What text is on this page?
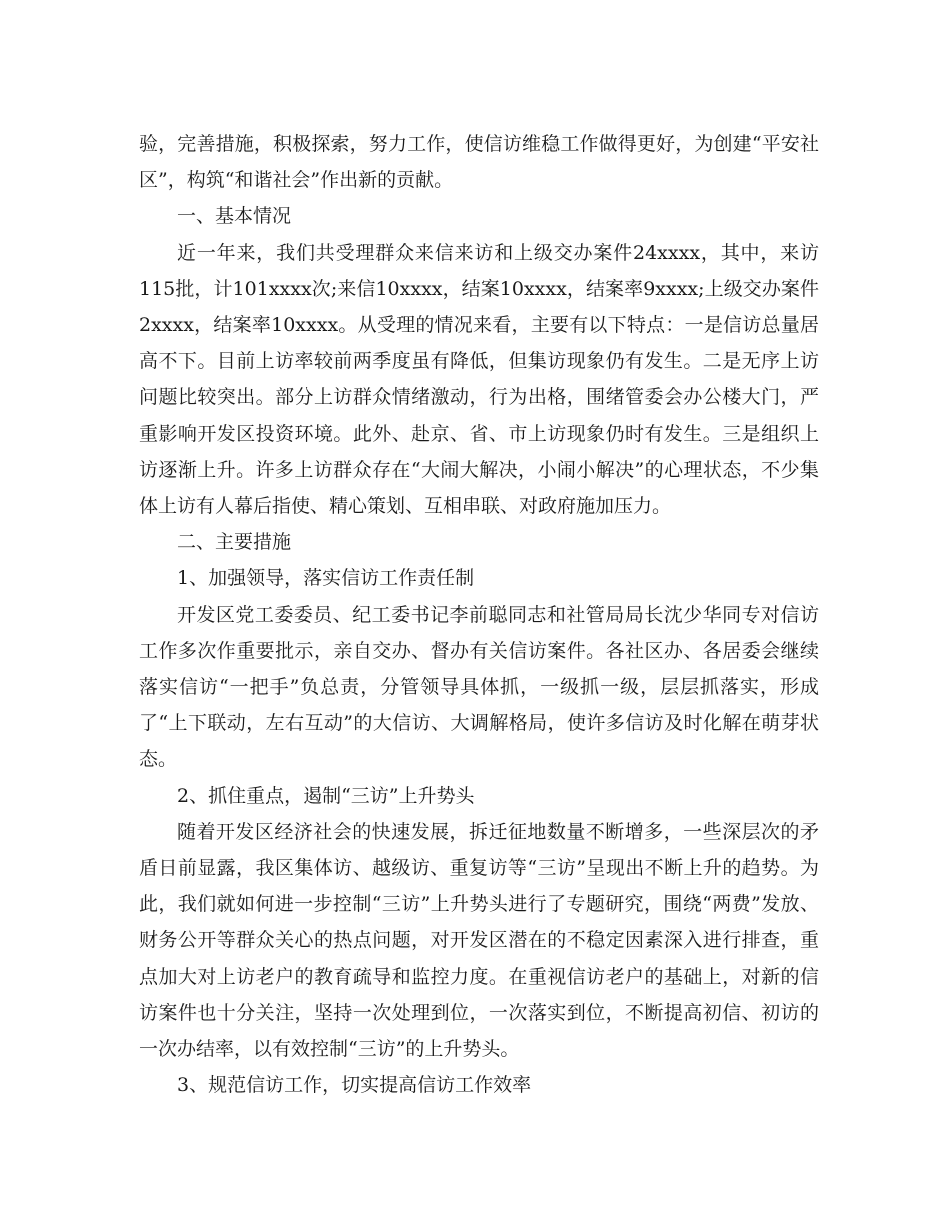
验，完善措施，积极探索，努力工作，使信访维稳工作做得更好，为创建“平安社区”，构筑“和谐社会”作出新的贡献。

一、基本情况

近一年来，我们共受理群众来信来访和上级交办案件24xxxx，其中，来访115批，计101xxxx次;来信10xxxx，结案10xxxx，结案率9xxxx;上级交办案件2xxxx，结案率10xxxx。从受理的情况来看，主要有以下特点：一是信访总量居高不下。目前上访率较前两季度虽有降低，但集访现象仍有发生。二是无序上访问题比较突出。部分上访群众情绪激动，行为出格，围绪管委会办公楼大门，严重影响开发区投资环境。此外、赴京、省、市上访现象仍时有发生。三是组织上访逐渐上升。许多上访群众存在“大闹大解决，小闹小解决”的心理状态，不少集体上访有人幕后指使、精心策划、互相串联、对政府施加压力。

二、主要措施

1、加强领导，落实信访工作责任制

开发区党工委委员、纪工委书记李前聪同志和社管局局长沈少华同专对信访工作多次作重要批示，亲自交办、督办有关信访案件。各社区办、各居委会继续落实信访“一把手”负总责，分管领导具体抓，一级抓一级，层层抓落实，形成了“上下联动，左右互动”的大信访、大调解格局，使许多信访及时化解在萌芽状态。

2、抓住重点，遏制“三访”上升势头

随着开发区经济社会的快速发展，拆迁征地数量不断增多，一些深层次的矛盾日前显露，我区集体访、越级访、重复访等“三访”呈现出不断上升的趋势。为此，我们就如何进一步控制“三访”上升势头进行了专题研究，围绕“两费”发放、财务公开等群众关心的热点问题，对开发区潜在的不稳定因素深入进行排查，重点加大对上访老户的教育疏导和监控力度。在重视信访老户的基础上，对新的信访案件也十分关注，坚持一次处理到位，一次落实到位，不断提高初信、初访的一次办结率，以有效控制“三访”的上升势头。

3、规范信访工作，切实提高信访工作效率
